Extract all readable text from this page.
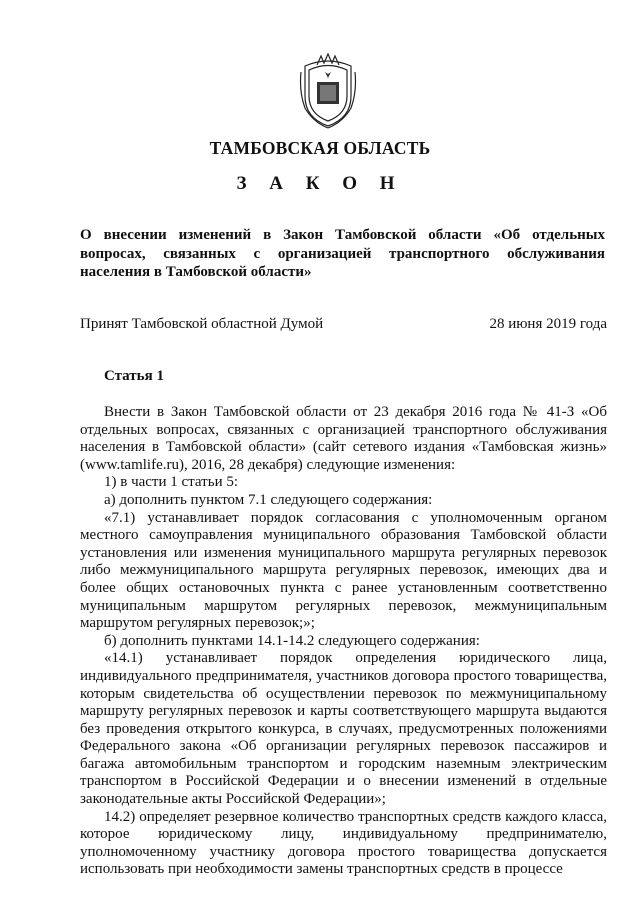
ТАМБОВСКАЯ ОБЛАСТЬ
З А К О Н
О внесении изменений в Закон Тамбовской области «Об отдельных вопросах, связанных с организацией транспортного обслуживания населения в Тамбовской области»
Принят Тамбовской областной Думой	28 июня 2019 года
Статья 1

Внести в Закон Тамбовской области от 23 декабря 2016 года № 41-З «Об отдельных вопросах, связанных с организацией транспортного обслуживания населения в Тамбовской области» (сайт сетевого издания «Тамбовская жизнь» (www.tamlife.ru), 2016, 28 декабря) следующие изменения:

1) в части 1 статьи 5:

а) дополнить пунктом 7.1 следующего содержания:

«7.1) устанавливает порядок согласования с уполномоченным органом местного самоуправления муниципального образования Тамбовской области установления или изменения муниципального маршрута регулярных перевозок либо межмуниципального маршрута регулярных перевозок, имеющих два и более общих остановочных пункта с ранее установленным соответственно муниципальным маршрутом регулярных перевозок, межмуниципальным маршрутом регулярных перевозок;»;

б) дополнить пунктами 14.1-14.2 следующего содержания:

«14.1) устанавливает порядок определения юридического лица, индивидуального предпринимателя, участников договора простого товарищества, которым свидетельства об осуществлении перевозок по межмуниципальному маршруту регулярных перевозок и карты соответствующего маршрута выдаются без проведения открытого конкурса, в случаях, предусмотренных положениями Федерального закона «Об организации регулярных перевозок пассажиров и багажа автомобильным транспортом и городским наземным электрическим транспортом в Российской Федерации и о внесении изменений в отдельные законодательные акты Российской Федерации»;

14.2) определяет резервное количество транспортных средств каждого класса, которое юридическому лицу, индивидуальному предпринимателю, уполномоченному участнику договора простого товарищества допускается использовать при необходимости замены транспортных средств в процессе
